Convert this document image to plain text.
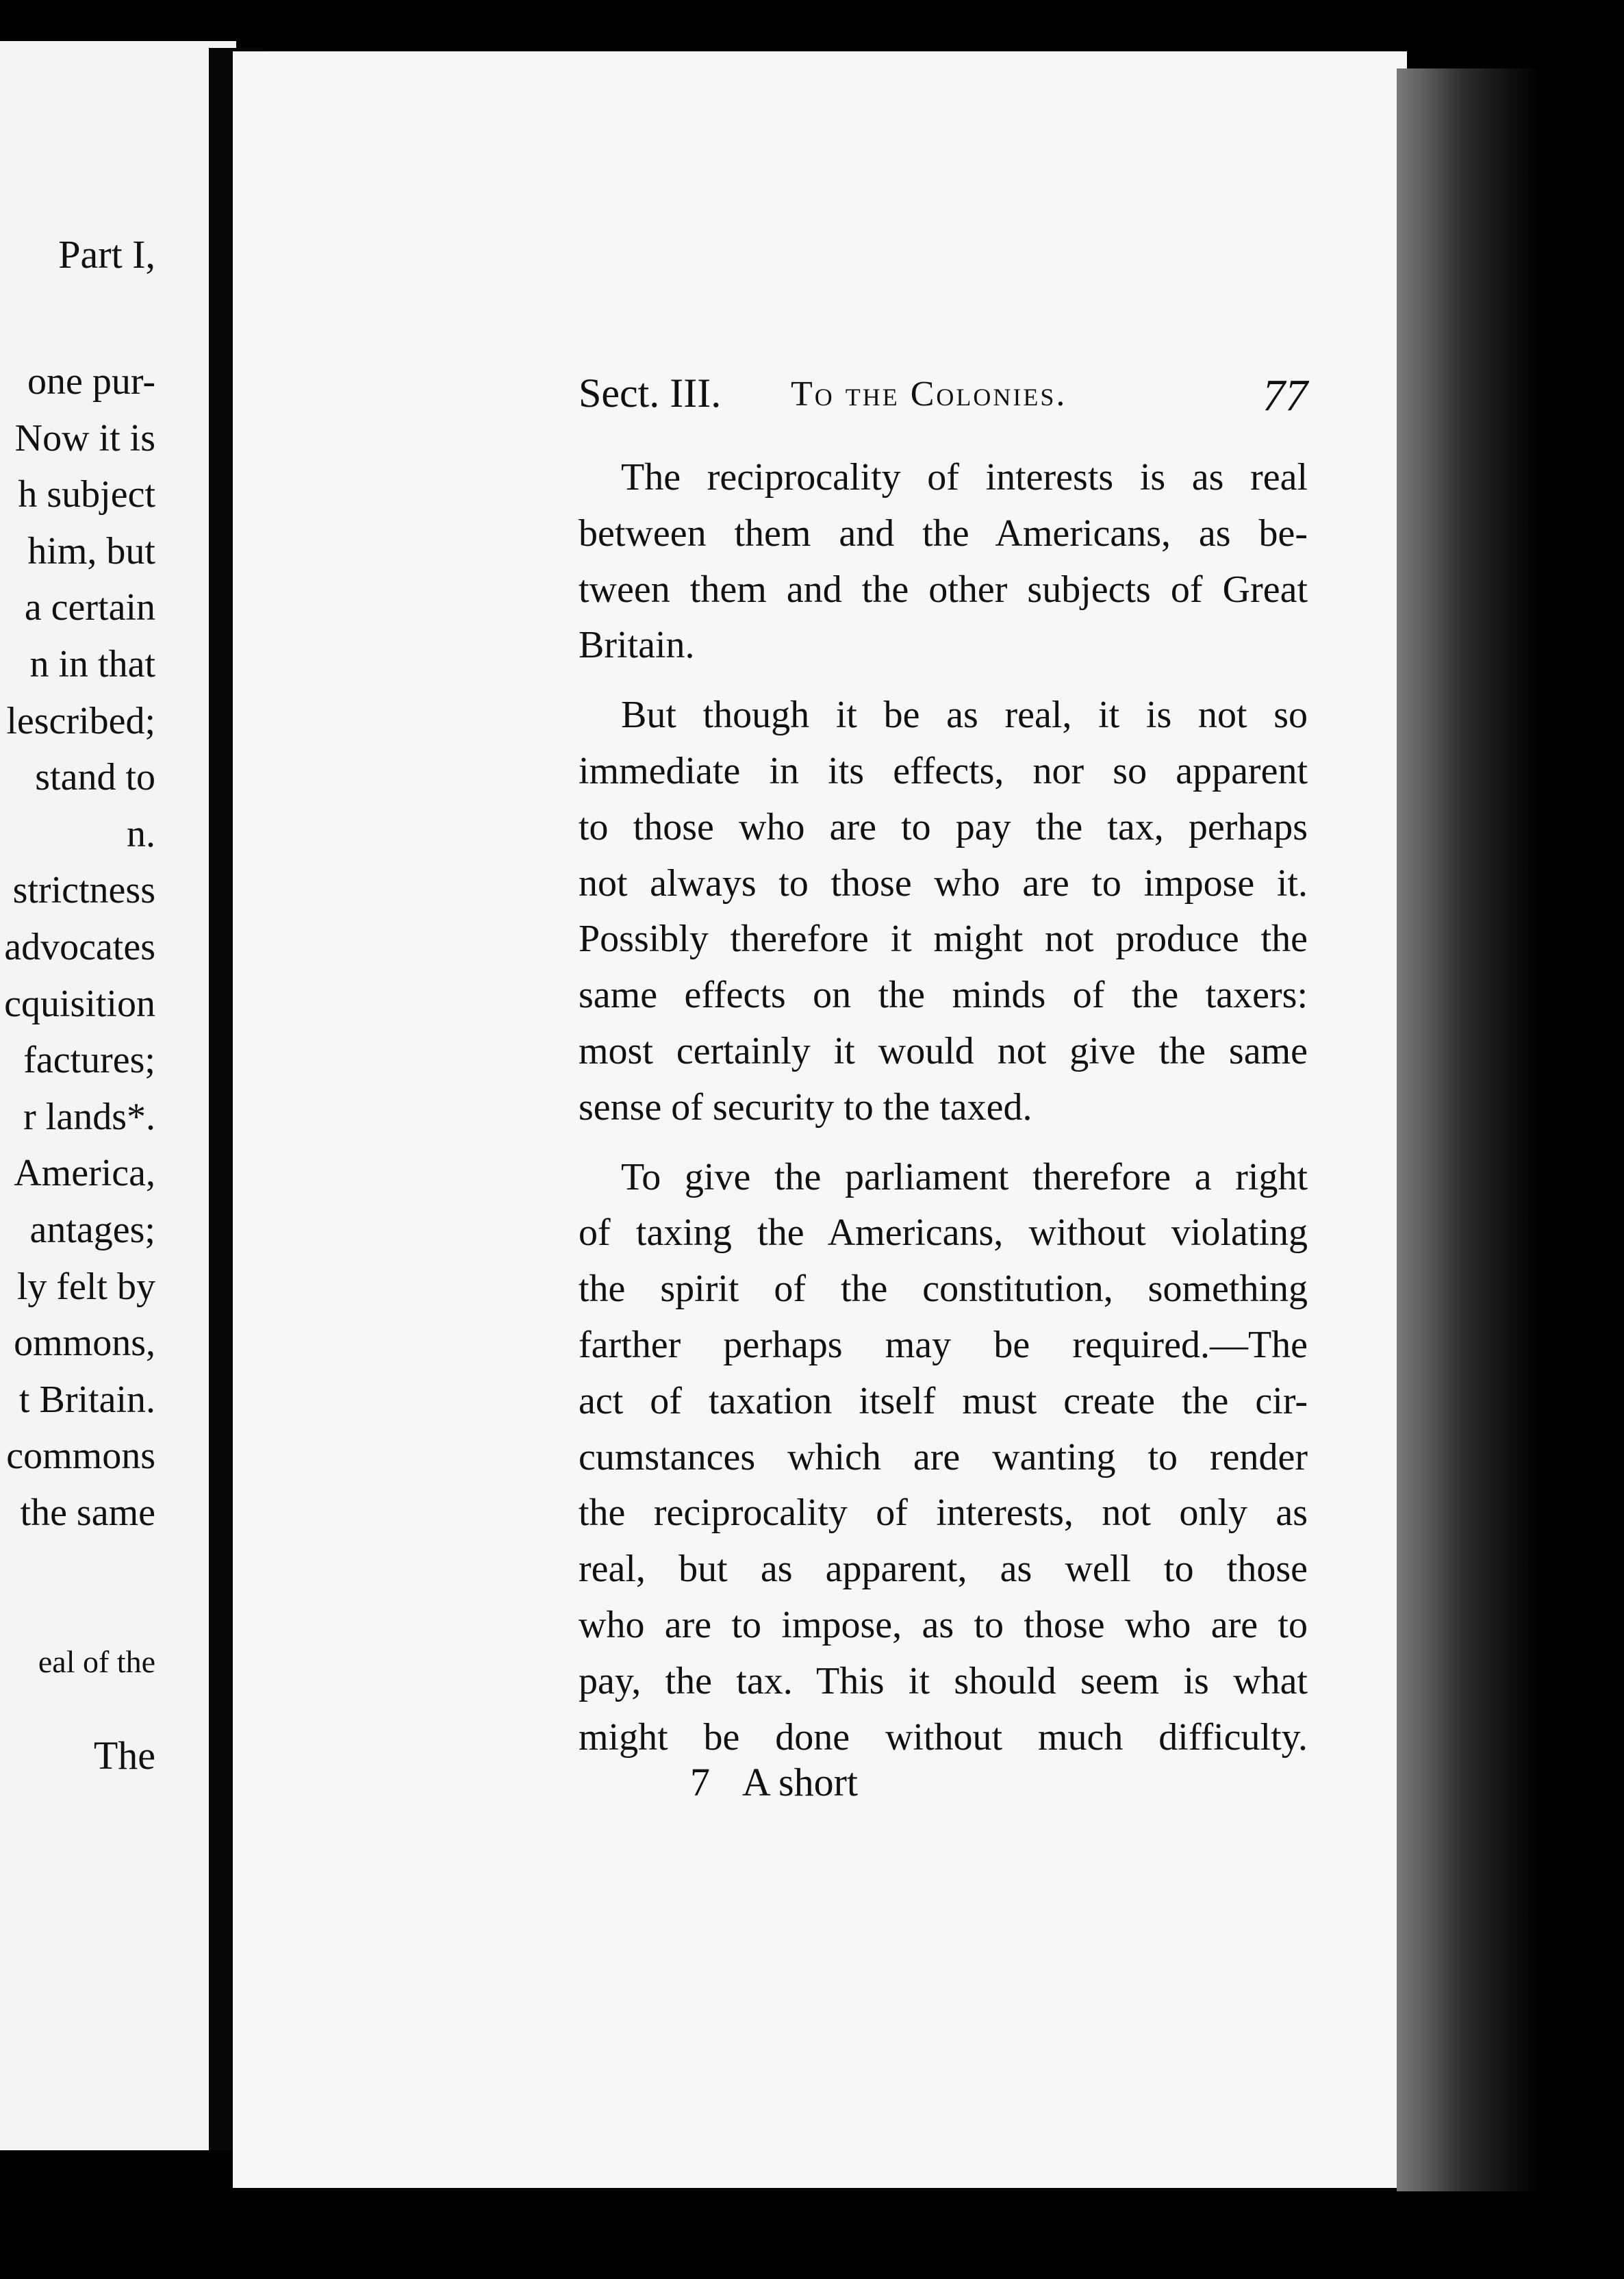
Part I,
one pur-
Now it is
h subject
him, but
a certain
n in that
lescribed;
stand to
n.
strictness
advocates
cquisition
factures;
r lands*.
America,
antages;
ly felt by
ommons,
t Britain.
commons
the same
eal of the
The
Sect. III. To the Colonies.	77
The reciprocality of interests is as real
between them and the Americans, as be-
tween them and the other subjects of Great
Britain.
But though it be as real, it is not so
immediate in its effects, nor so apparent
to those who are to pay the tax, perhaps
not always to those who are to impose it.
Possibly therefore it might not produce the
same effects on the minds of the taxers:
most certainly it would not give the same
sense of security to the taxed.
To give the parliament therefore a right
of taxing the Americans, without violating
the spirit of the constitution, something
farther perhaps may be required.—The
act of taxation itself must create the cir-
cumstances which are wanting to render
the reciprocality of interests, not only as
real, but as apparent, as well to those
who are to impose, as to those who are to
pay, the tax. This it should seem is what
might be done without much difficulty.
7 A short
